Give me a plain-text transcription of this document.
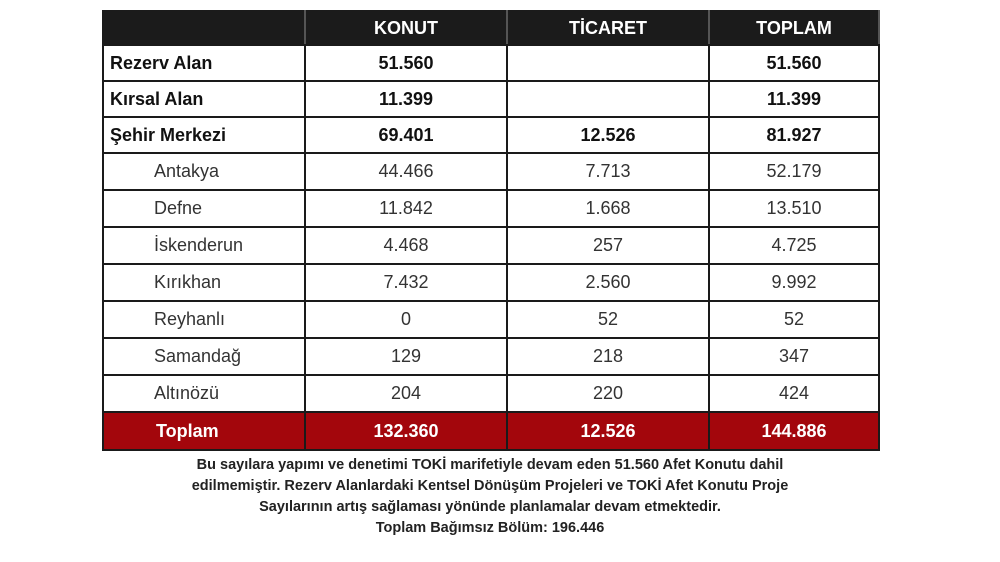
	KONUT	TİCARET	TOPLAM
Rezerv Alan	51.560		51.560
Kırsal Alan	11.399		11.399
Şehir Merkezi	69.401	12.526	81.927
Antakya	44.466	7.713	52.179
Defne	11.842	1.668	13.510
İskenderun	4.468	257	4.725
Kırıkhan	7.432	2.560	9.992
Reyhanlı	0	52	52
Samandağ	129	218	347
Altınözü	204	220	424
Toplam	132.360	12.526	144.886
Bu sayılara yapımı ve denetimi TOKİ marifetiyle devam eden 51.560 Afet Konutu dahil
edilmemiştir. Rezerv Alanlardaki Kentsel Dönüşüm Projeleri ve TOKİ Afet Konutu Proje
Sayılarının artış sağlaması yönünde planlamalar devam etmektedir.
Toplam Bağımsız Bölüm: 196.446
